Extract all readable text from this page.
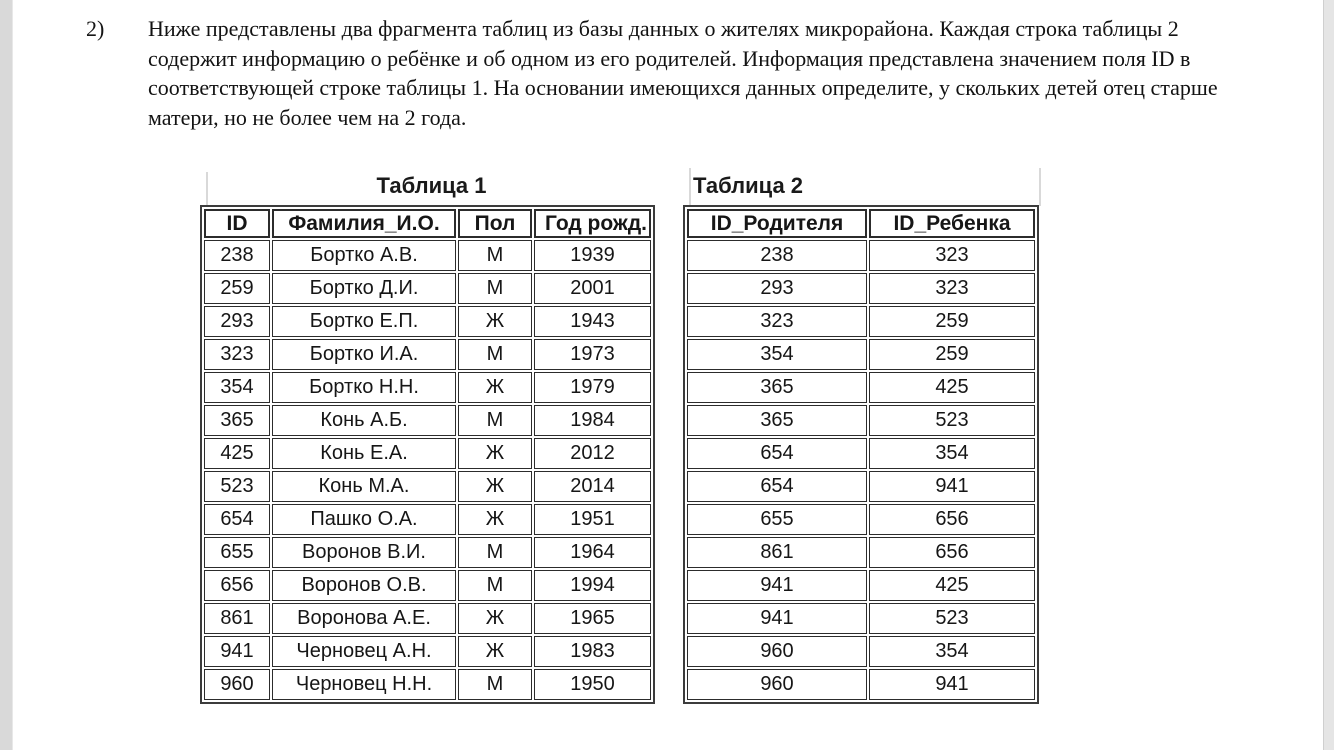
2) Ниже представлены два фрагмента таблиц из базы данных о жителях микрорайона. Каждая строка таблицы 2 содержит информацию о ребёнке и об одном из его родителей. Информация представлена значением поля ID в соответствующей строке таблицы 1. На основании имеющихся данных определите, у скольких детей отец старше матери, но не более чем на 2 года.
Таблица 1
ID	Фамилия_И.О.	Пол	Год рожд.
238	Бортко А.В.	М	1939
259	Бортко Д.И.	М	2001
293	Бортко Е.П.	Ж	1943
323	Бортко И.А.	М	1973
354	Бортко Н.Н.	Ж	1979
365	Конь А.Б.	М	1984
425	Конь Е.А.	Ж	2012
523	Конь М.А.	Ж	2014
654	Пашко О.А.	Ж	1951
655	Воронов В.И.	М	1964
656	Воронов О.В.	М	1994
861	Воронова А.Е.	Ж	1965
941	Черновец А.Н.	Ж	1983
960	Черновец Н.Н.	М	1950
Таблица 2
ID_Родителя	ID_Ребенка
238	323
293	323
323	259
354	259
365	425
365	523
654	354
654	941
655	656
861	656
941	425
941	523
960	354
960	941
